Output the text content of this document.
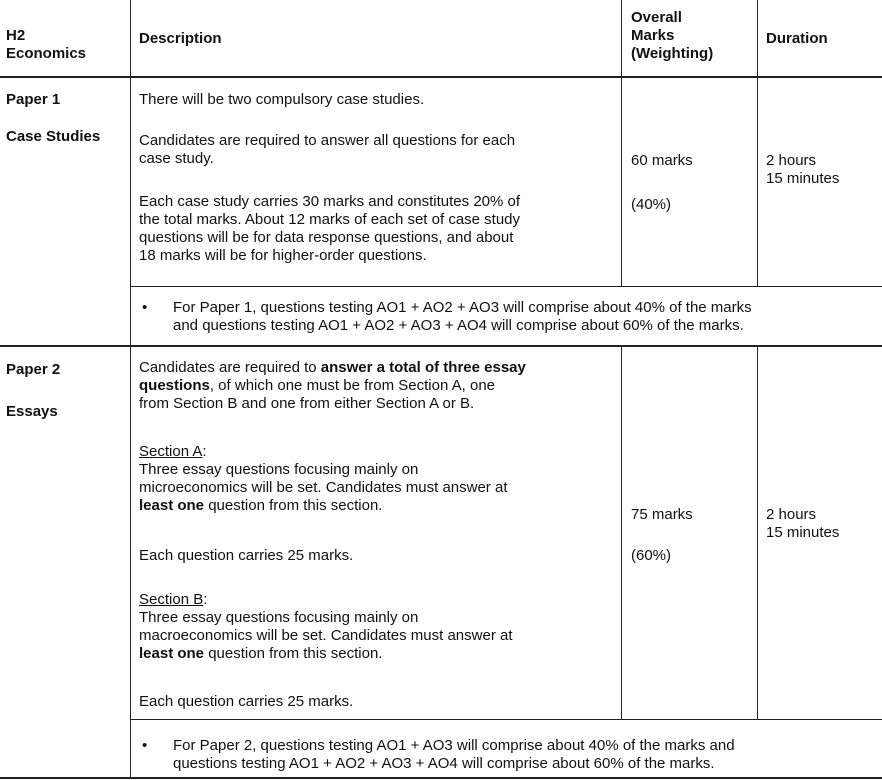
H2
Economics
Description
Overall
Marks
(Weighting)
Duration
Paper 1
Case Studies
There will be two compulsory case studies.
Candidates are required to answer all questions for each
case study.
Each case study carries 30 marks and constitutes 20% of
the total marks. About 12 marks of each set of case study
questions will be for data response questions, and about
18 marks will be for higher-order questions.
60 marks
(40%)
2 hours
15 minutes
•	For Paper 1, questions testing AO1 + AO2 + AO3 will comprise about 40% of the marks
and questions testing AO1 + AO2 + AO3 + AO4 will comprise about 60% of the marks.
Paper 2
Essays
Candidates are required to answer a total of three essay
questions, of which one must be from Section A, one
from Section B and one from either Section A or B.
Section A:
Three essay questions focusing mainly on
microeconomics will be set. Candidates must answer at
least one question from this section.
Each question carries 25 marks.
Section B:
Three essay questions focusing mainly on
macroeconomics will be set. Candidates must answer at
least one question from this section.
Each question carries 25 marks.
75 marks
(60%)
2 hours
15 minutes
•	For Paper 2, questions testing AO1 + AO3 will comprise about 40% of the marks and
questions testing AO1 + AO2 + AO3 + AO4 will comprise about 60% of the marks.
